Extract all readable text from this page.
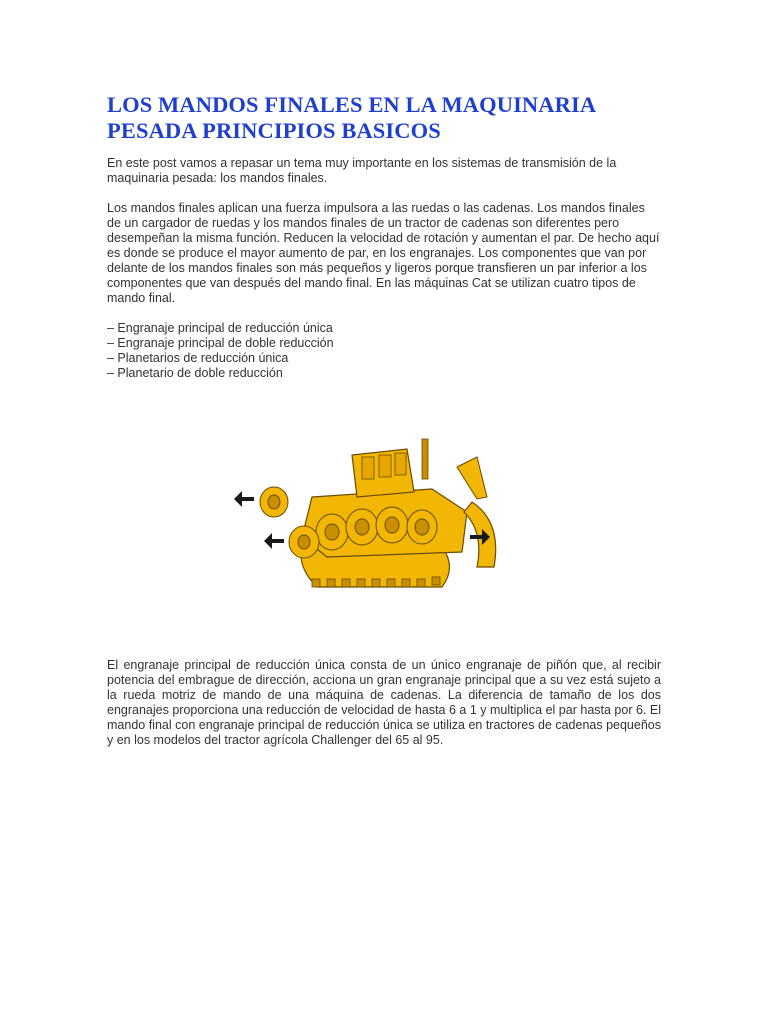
LOS MANDOS FINALES EN LA MAQUINARIA PESADA PRINCIPIOS BASICOS

En este post vamos a repasar un tema muy importante en los sistemas de transmisión de la maquinaria pesada: los mandos finales.

Los mandos finales aplican una fuerza impulsora a las ruedas o las cadenas. Los mandos finales de un cargador de ruedas y los mandos finales de un tractor de cadenas son diferentes pero desempeñan la misma función. Reducen la velocidad de rotación y aumentan el par. De hecho aquí es donde se produce el mayor aumento de par, en los engranajes. Los componentes que van por delante de los mandos finales son más pequeños y ligeros porque transfieren un par inferior a los componentes que van después del mando final. En las máquinas Cat se utilizan cuatro tipos de mando final.

– Engranaje principal de reducción única
– Engranaje principal de doble reducción
– Planetarios de reducción única
– Planetario de doble reducción

El engranaje principal de reducción única consta de un único engranaje de piñón que, al recibir potencia del embrague de dirección, acciona un gran engranaje principal que a su vez está sujeto a la rueda motriz de mando de una máquina de cadenas. La diferencia de tamaño de los dos engranajes proporciona una reducción de velocidad de hasta 6 a 1 y multiplica el par hasta por 6. El mando final con engranaje principal de reducción única se utiliza en tractores de cadenas pequeños y en los modelos del tractor agrícola Challenger del 65 al 95.
